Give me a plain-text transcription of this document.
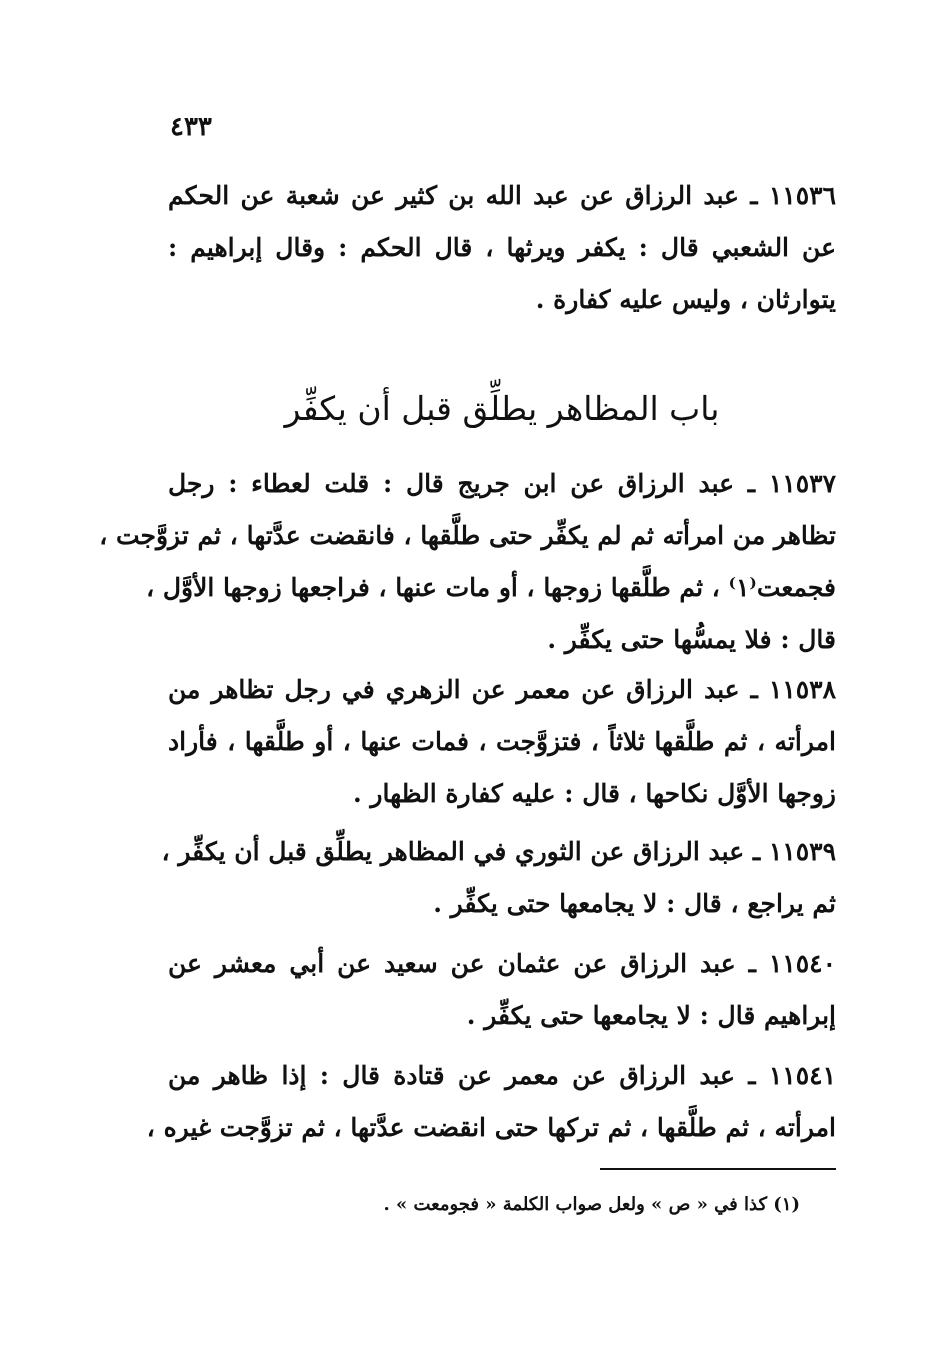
٤٣٣
١١٥٣٦ ـ عبد الرزاق عن عبد الله بن كثير عن شعبة عن الحكم
عن الشعبي قال : يكفر ويرثها ، قال الحكم : وقال إبراهيم :
يتوارثان ، وليس عليه كفارة .
باب المظاهر يطلِّق قبل أن يكفِّر
١١٥٣٧ ـ عبد الرزاق عن ابن جريج قال : قلت لعطاء : رجل
تظاهر من امرأته ثم لم يكفِّر حتى طلَّقها ، فانقضت عدَّتها ، ثم تزوَّجت ،
فجمعت⁽١⁾ ، ثم طلَّقها زوجها ، أو مات عنها ، فراجعها زوجها الأوَّل ،
قال : فلا يمسُّها حتى يكفِّر .
١١٥٣٨ ـ عبد الرزاق عن معمر عن الزهري في رجل تظاهر من
امرأته ، ثم طلَّقها ثلاثاً ، فتزوَّجت ، فمات عنها ، أو طلَّقها ، فأراد
زوجها الأوَّل نكاحها ، قال : عليه كفارة الظهار .
١١٥٣٩ ـ عبد الرزاق عن الثوري في المظاهر يطلِّق قبل أن يكفِّر ،
ثم يراجع ، قال : لا يجامعها حتى يكفِّر .
١١٥٤٠ ـ عبد الرزاق عن عثمان عن سعيد عن أبي معشر عن
إبراهيم قال : لا يجامعها حتى يكفِّر .
١١٥٤١ ـ عبد الرزاق عن معمر عن قتادة قال : إذا ظاهر من
امرأته ، ثم طلَّقها ، ثم تركها حتى انقضت عدَّتها ، ثم تزوَّجت غيره ،
(١) كذا في « ص » ولعل صواب الكلمة « فجومعت » .
